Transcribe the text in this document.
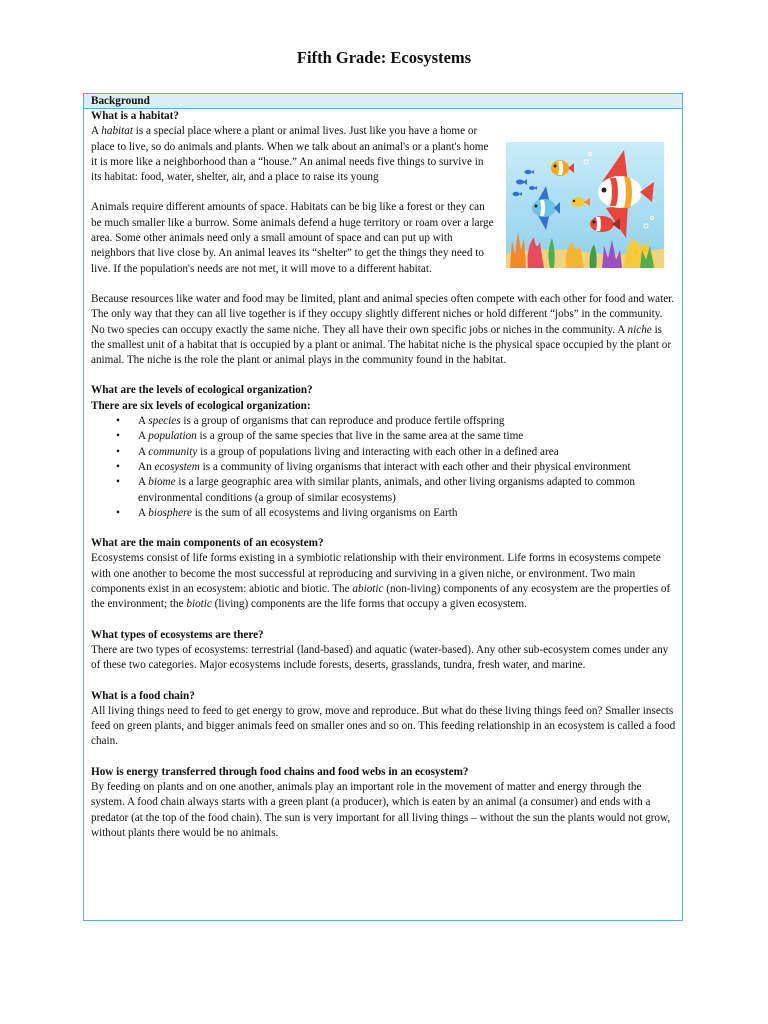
Fifth Grade: Ecosystems
Background

What is a habitat?

A habitat is a special place where a plant or animal lives. Just like you have a home or place to live, so do animals and plants. When we talk about an animal's or a plant's home it is more like a neighborhood than a “house.” An animal needs five things to survive in its habitat: food, water, shelter, air, and a place to raise its young

Animals require different amounts of space. Habitats can be big like a forest or they can be much smaller like a burrow. Some animals defend a huge territory or roam over a large area. Some other animals need only a small amount of space and can put up with neighbors that live close by. An animal leaves its “shelter” to get the things they need to live. If the population's needs are not met, it will move to a different habitat.

Because resources like water and food may be limited, plant and animal species often compete with each other for food and water. The only way that they can all live together is if they occupy slightly different niches or hold different “jobs” in the community. No two species can occupy exactly the same niche. They all have their own specific jobs or niches in the community. A niche is the smallest unit of a habitat that is occupied by a plant or animal. The habitat niche is the physical space occupied by the plant or animal. The niche is the role the plant or animal plays in the community found in the habitat.

What are the levels of ecological organization?

There are six levels of ecological organization:

• A species is a group of organisms that can reproduce and produce fertile offspring
• A population is a group of the same species that live in the same area at the same time
• A community is a group of populations living and interacting with each other in a defined area
• An ecosystem is a community of living organisms that interact with each other and their physical environment
• A biome is a large geographic area with similar plants, animals, and other living organisms adapted to common environmental conditions (a group of similar ecosystems)
• A biosphere is the sum of all ecosystems and living organisms on Earth

What are the main components of an ecosystem?

Ecosystems consist of life forms existing in a symbiotic relationship with their environment. Life forms in ecosystems compete with one another to become the most successful at reproducing and surviving in a given niche, or environment. Two main components exist in an ecosystem: abiotic and biotic. The abiotic (non-living) components of any ecosystem are the properties of the environment; the biotic (living) components are the life forms that occupy a given ecosystem.

What types of ecosystems are there?

There are two types of ecosystems: terrestrial (land-based) and aquatic (water-based). Any other sub-ecosystem comes under any of these two categories. Major ecosystems include forests, deserts, grasslands, tundra, fresh water, and marine.

What is a food chain?

All living things need to feed to get energy to grow, move and reproduce. But what do these living things feed on? Smaller insects feed on green plants, and bigger animals feed on smaller ones and so on. This feeding relationship in an ecosystem is called a food chain.

How is energy transferred through food chains and food webs in an ecosystem?

By feeding on plants and on one another, animals play an important role in the movement of matter and energy through the system. A food chain always starts with a green plant (a producer), which is eaten by an animal (a consumer) and ends with a predator (at the top of the food chain). The sun is very important for all living things – without the sun the plants would not grow, without plants there would be no animals.
